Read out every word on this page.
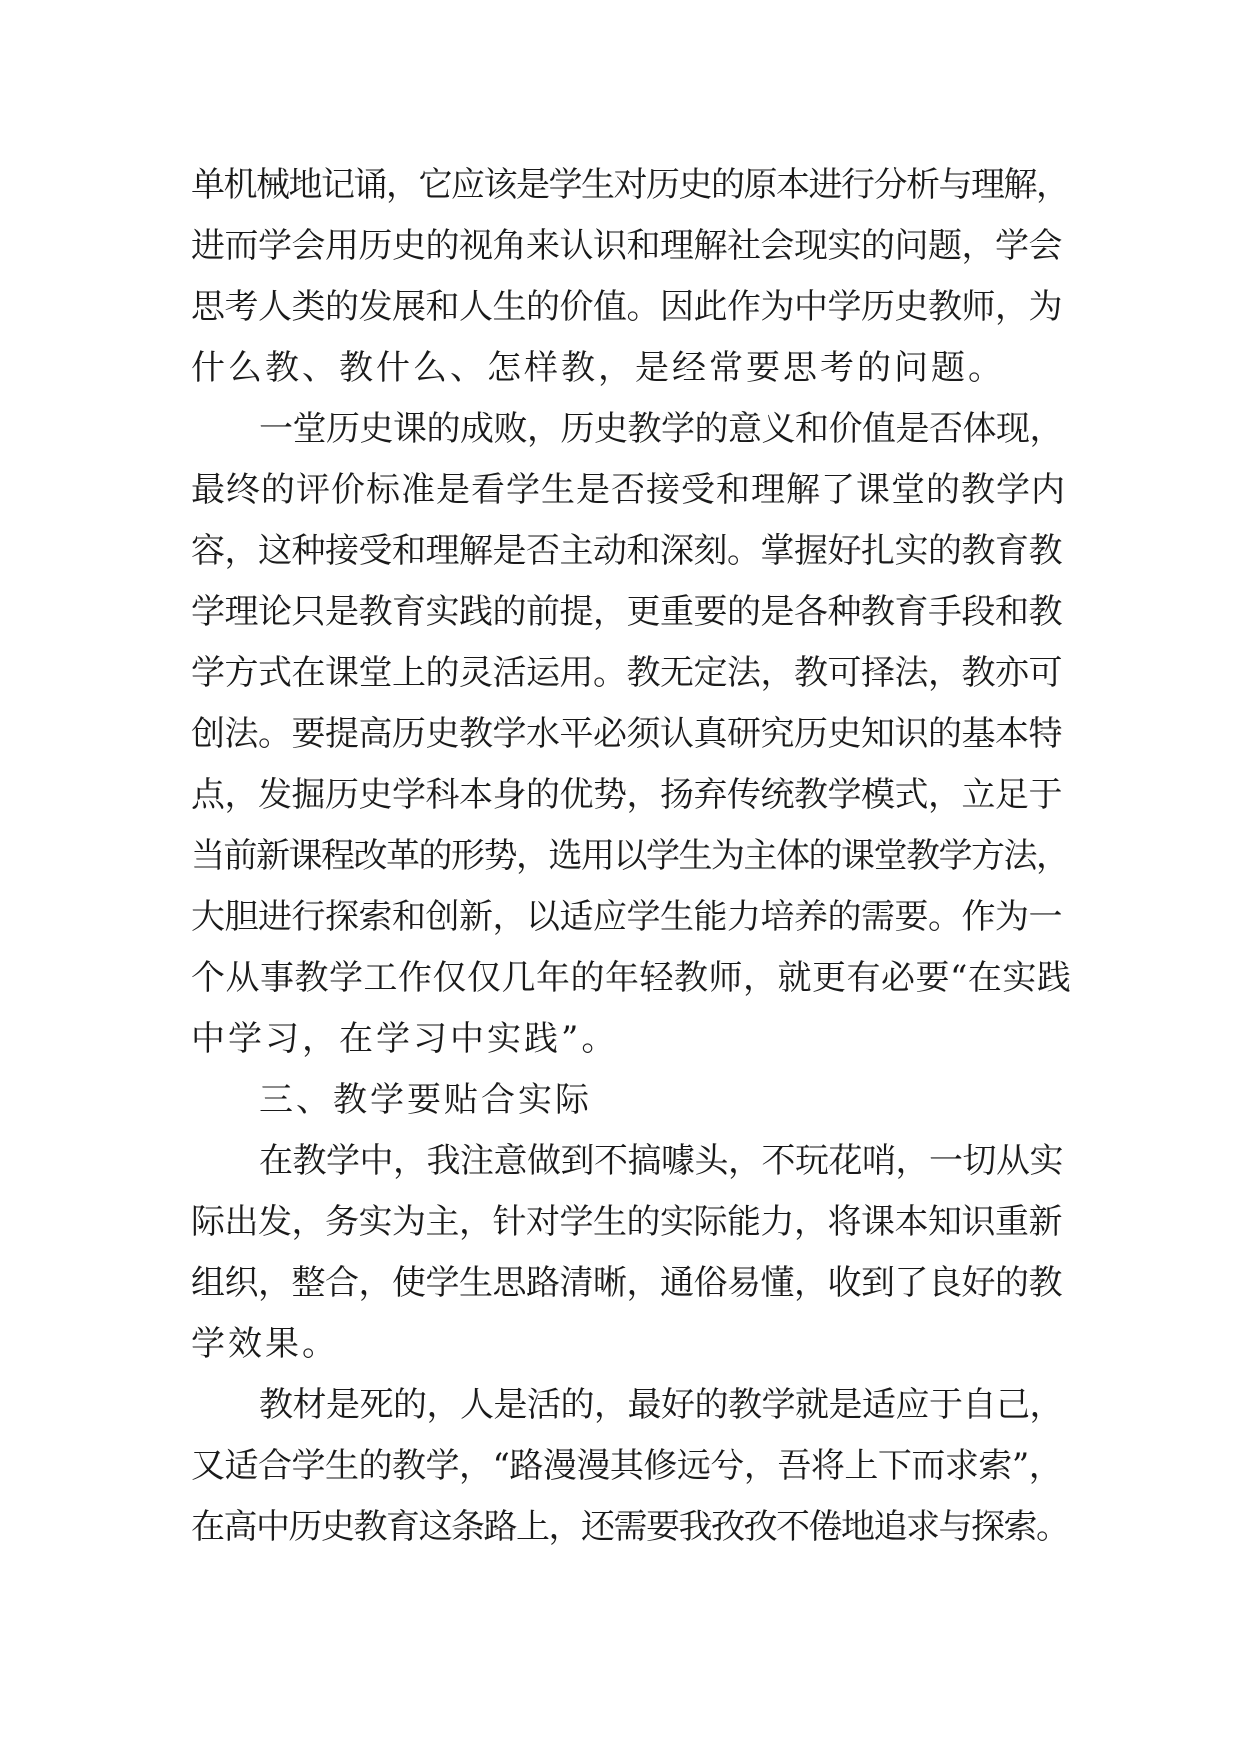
单机械地记诵，它应该是学生对历史的原本进行分析与理解，
进而学会用历史的视角来认识和理解社会现实的问题，学会
思考人类的发展和人生的价值。因此作为中学历史教师，为
什么教、教什么、怎样教，是经常要思考的问题。
一堂历史课的成败，历史教学的意义和价值是否体现，
最终的评价标准是看学生是否接受和理解了课堂的教学内
容，这种接受和理解是否主动和深刻。掌握好扎实的教育教
学理论只是教育实践的前提，更重要的是各种教育手段和教
学方式在课堂上的灵活运用。教无定法，教可择法，教亦可
创法。要提高历史教学水平必须认真研究历史知识的基本特
点，发掘历史学科本身的优势，扬弃传统教学模式，立足于
当前新课程改革的形势，选用以学生为主体的课堂教学方法，
大胆进行探索和创新，以适应学生能力培养的需要。作为一
个从事教学工作仅仅几年的年轻教师，就更有必要“在实践
中学习，在学习中实践”。
三、教学要贴合实际
在教学中，我注意做到不搞噱头，不玩花哨，一切从实
际出发，务实为主，针对学生的实际能力，将课本知识重新
组织，整合，使学生思路清晰，通俗易懂，收到了良好的教
学效果。
教材是死的，人是活的，最好的教学就是适应于自己，
又适合学生的教学，“路漫漫其修远兮，吾将上下而求索”，
在高中历史教育这条路上，还需要我孜孜不倦地追求与探索。
